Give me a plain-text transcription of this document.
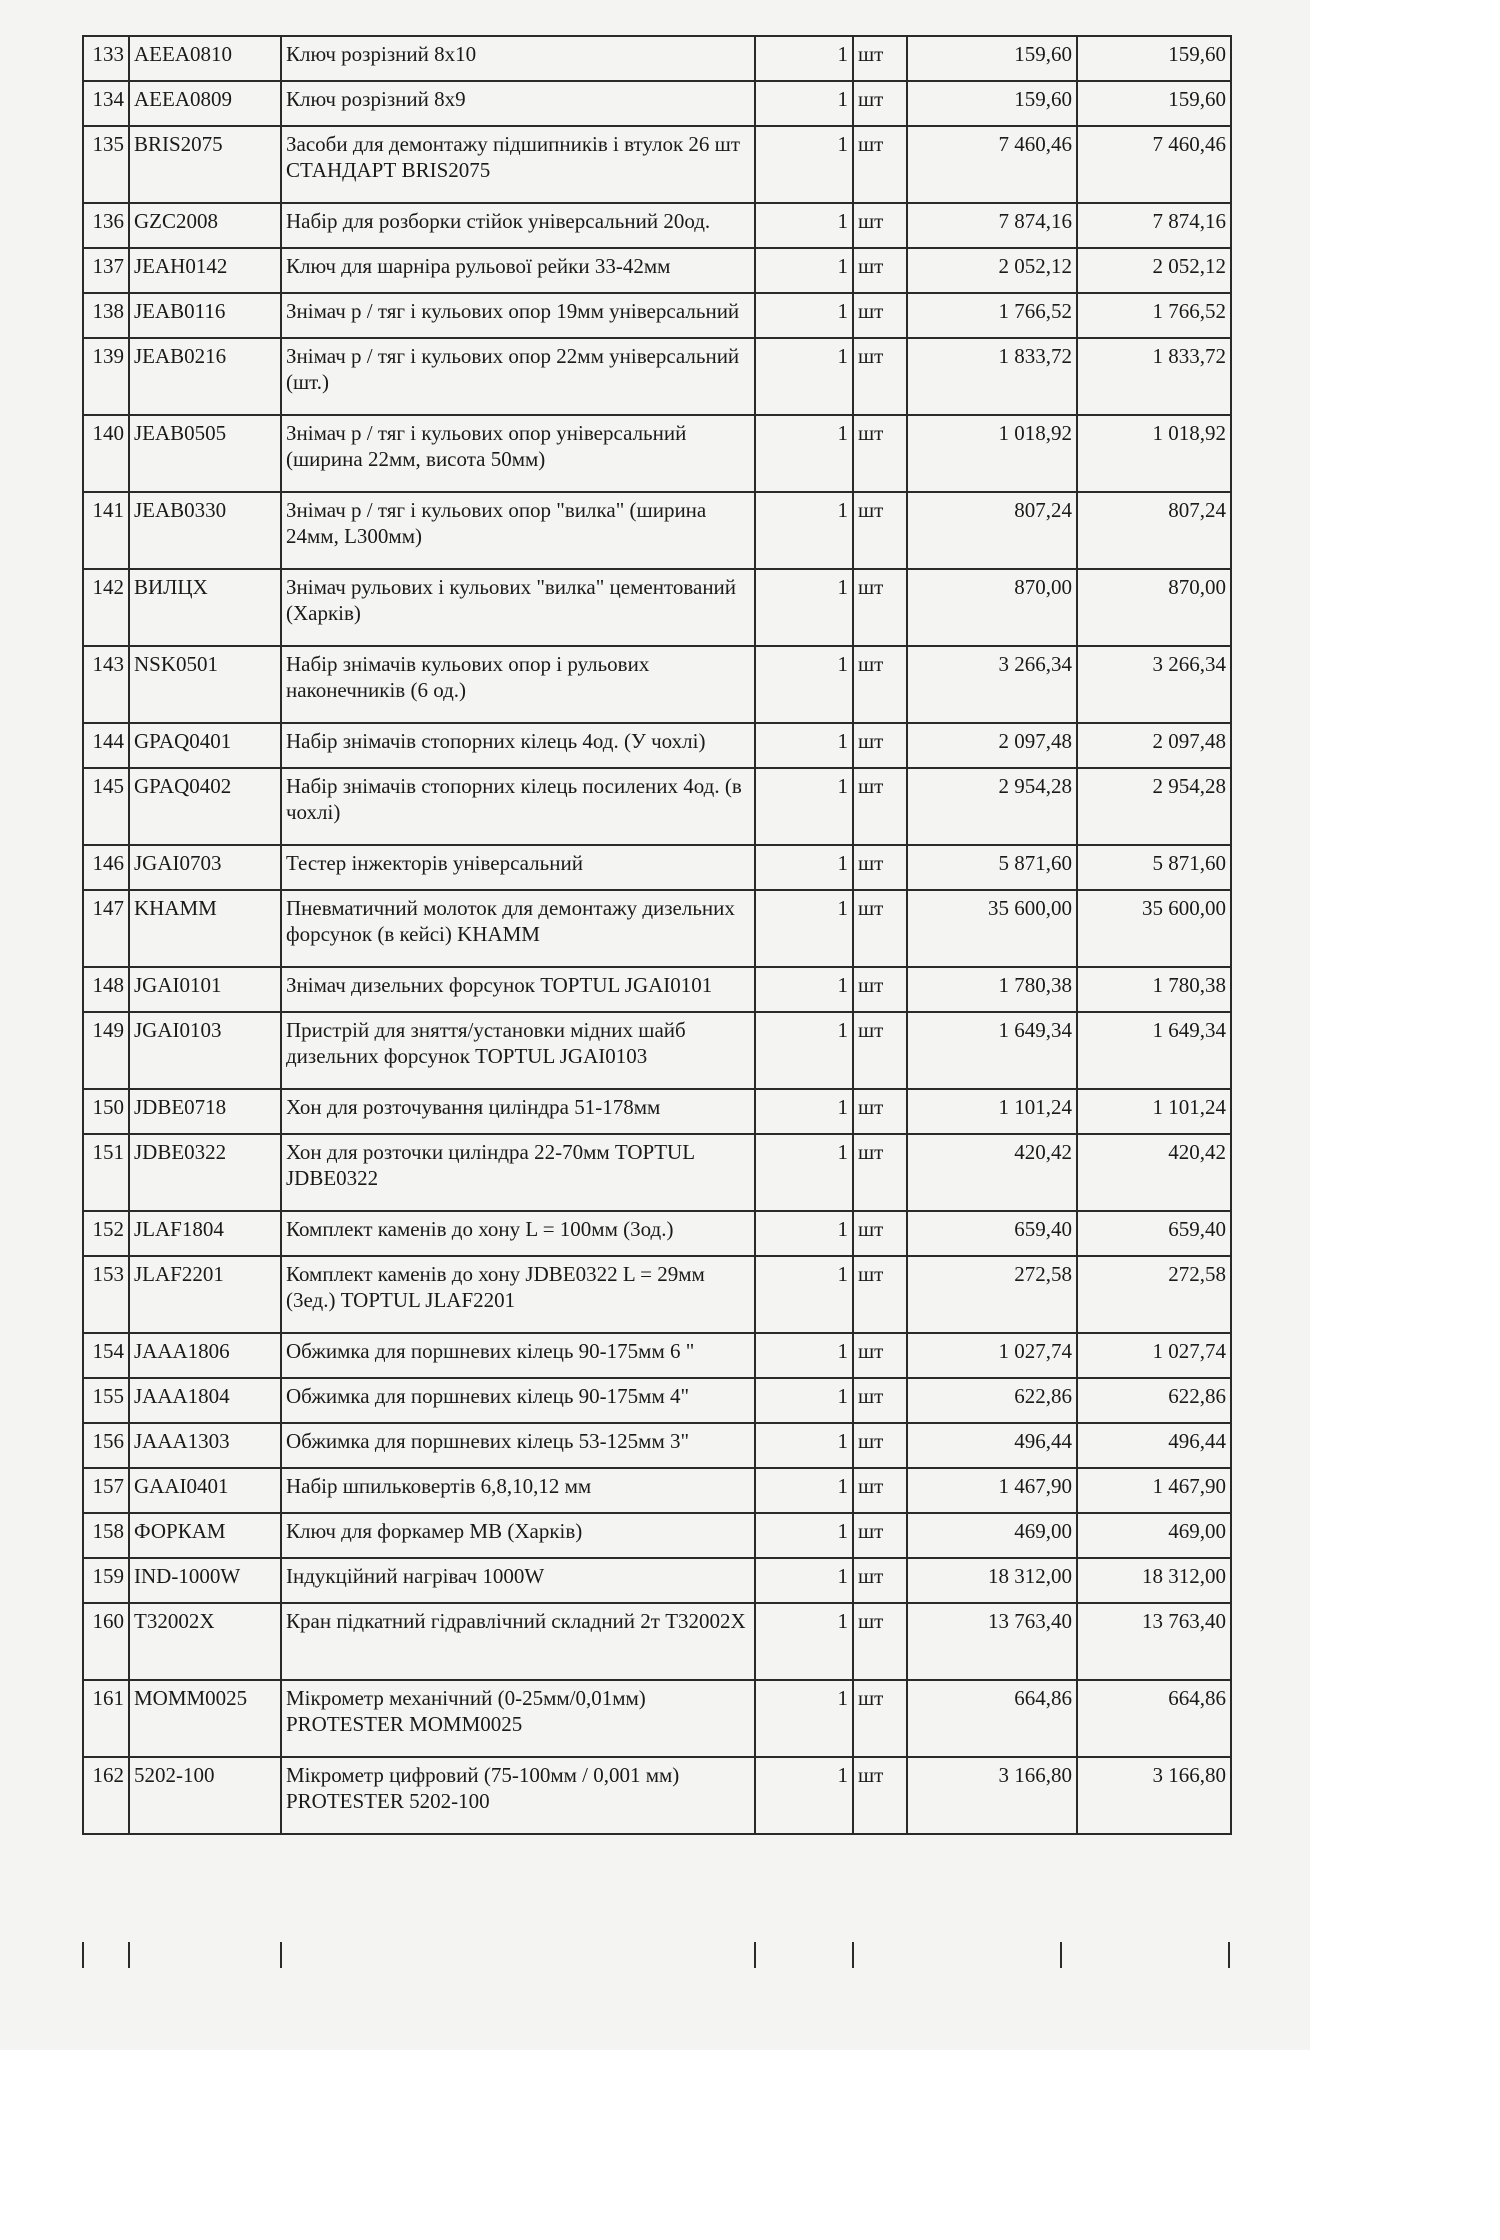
133	AEEA0810	Ключ розрізний 8х10	1	шт	159,60	159,60
134	AEEA0809	Ключ розрізний 8х9	1	шт	159,60	159,60
135	BRIS2075	Засоби для демонтажу підшипників і втулок 26 шт СТАНДАРТ BRIS2075	1	шт	7 460,46	7 460,46
136	GZC2008	Набір для розборки стійок універсальний 20од.	1	шт	7 874,16	7 874,16
137	JEAH0142	Ключ для шарніра рульової рейки 33-42мм	1	шт	2 052,12	2 052,12
138	JEAB0116	Знімач р / тяг і кульових опор 19мм універсальний	1	шт	1 766,52	1 766,52
139	JEAB0216	Знімач р / тяг і кульових опор 22мм універсальний (шт.)	1	шт	1 833,72	1 833,72
140	JEAB0505	Знімач р / тяг і кульових опор універсальний (ширина 22мм, висота 50мм)	1	шт	1 018,92	1 018,92
141	JEAB0330	Знімач р / тяг і кульових опор "вилка" (ширина 24мм, L300мм)	1	шт	807,24	807,24
142	ВИЛЦХ	Знімач рульових і кульових "вилка" цементований (Харків)	1	шт	870,00	870,00
143	NSK0501	Набір знімачів кульових опор і рульових наконечників (6 од.)	1	шт	3 266,34	3 266,34
144	GPAQ0401	Набір знімачів стопорних кілець 4од. (У чохлі)	1	шт	2 097,48	2 097,48
145	GPAQ0402	Набір знімачів стопорних кілець посилених 4од. (в чохлі)	1	шт	2 954,28	2 954,28
146	JGAI0703	Тестер інжекторів універсальний	1	шт	5 871,60	5 871,60
147	KHAMM	Пневматичний молоток для демонтажу дизельних форсунок (в кейсі) KHAMM	1	шт	35 600,00	35 600,00
148	JGAI0101	Знімач дизельних форсунок TOPTUL JGAI0101	1	шт	1 780,38	1 780,38
149	JGAI0103	Пристрій для зняття/установки мідних шайб дизельних форсунок TOPTUL JGAI0103	1	шт	1 649,34	1 649,34
150	JDBE0718	Хон для розточування циліндра 51-178мм	1	шт	1 101,24	1 101,24
151	JDBE0322	Хон для розточки циліндра 22-70мм TOPTUL JDBE0322	1	шт	420,42	420,42
152	JLAF1804	Комплект каменів до хону L = 100мм (3од.)	1	шт	659,40	659,40
153	JLAF2201	Комплект каменів до хону JDBE0322 L = 29мм (3ед.) TOPTUL JLAF2201	1	шт	272,58	272,58
154	JAAA1806	Обжимка для поршневих кілець 90-175мм 6 "	1	шт	1 027,74	1 027,74
155	JAAA1804	Обжимка для поршневих кілець 90-175мм 4"	1	шт	622,86	622,86
156	JAAA1303	Обжимка для поршневих кілець 53-125мм 3"	1	шт	496,44	496,44
157	GAAI0401	Набір шпильковертів 6,8,10,12 мм	1	шт	1 467,90	1 467,90
158	ФОРКАМ	Ключ для форкамер МВ (Харків)	1	шт	469,00	469,00
159	IND-1000W	Індукційний нагрівач 1000W	1	шт	18 312,00	18 312,00
160	T32002X	Кран підкатний гідравлічний складний 2т T32002X	1	шт	13 763,40	13 763,40
161	MOMM0025	Мікрометр механічний (0-25мм/0,01мм) PROTESTER MOMM0025	1	шт	664,86	664,86
162	5202-100	Мікрометр цифровий (75-100мм / 0,001 мм) PROTESTER 5202-100	1	шт	3 166,80	3 166,80
